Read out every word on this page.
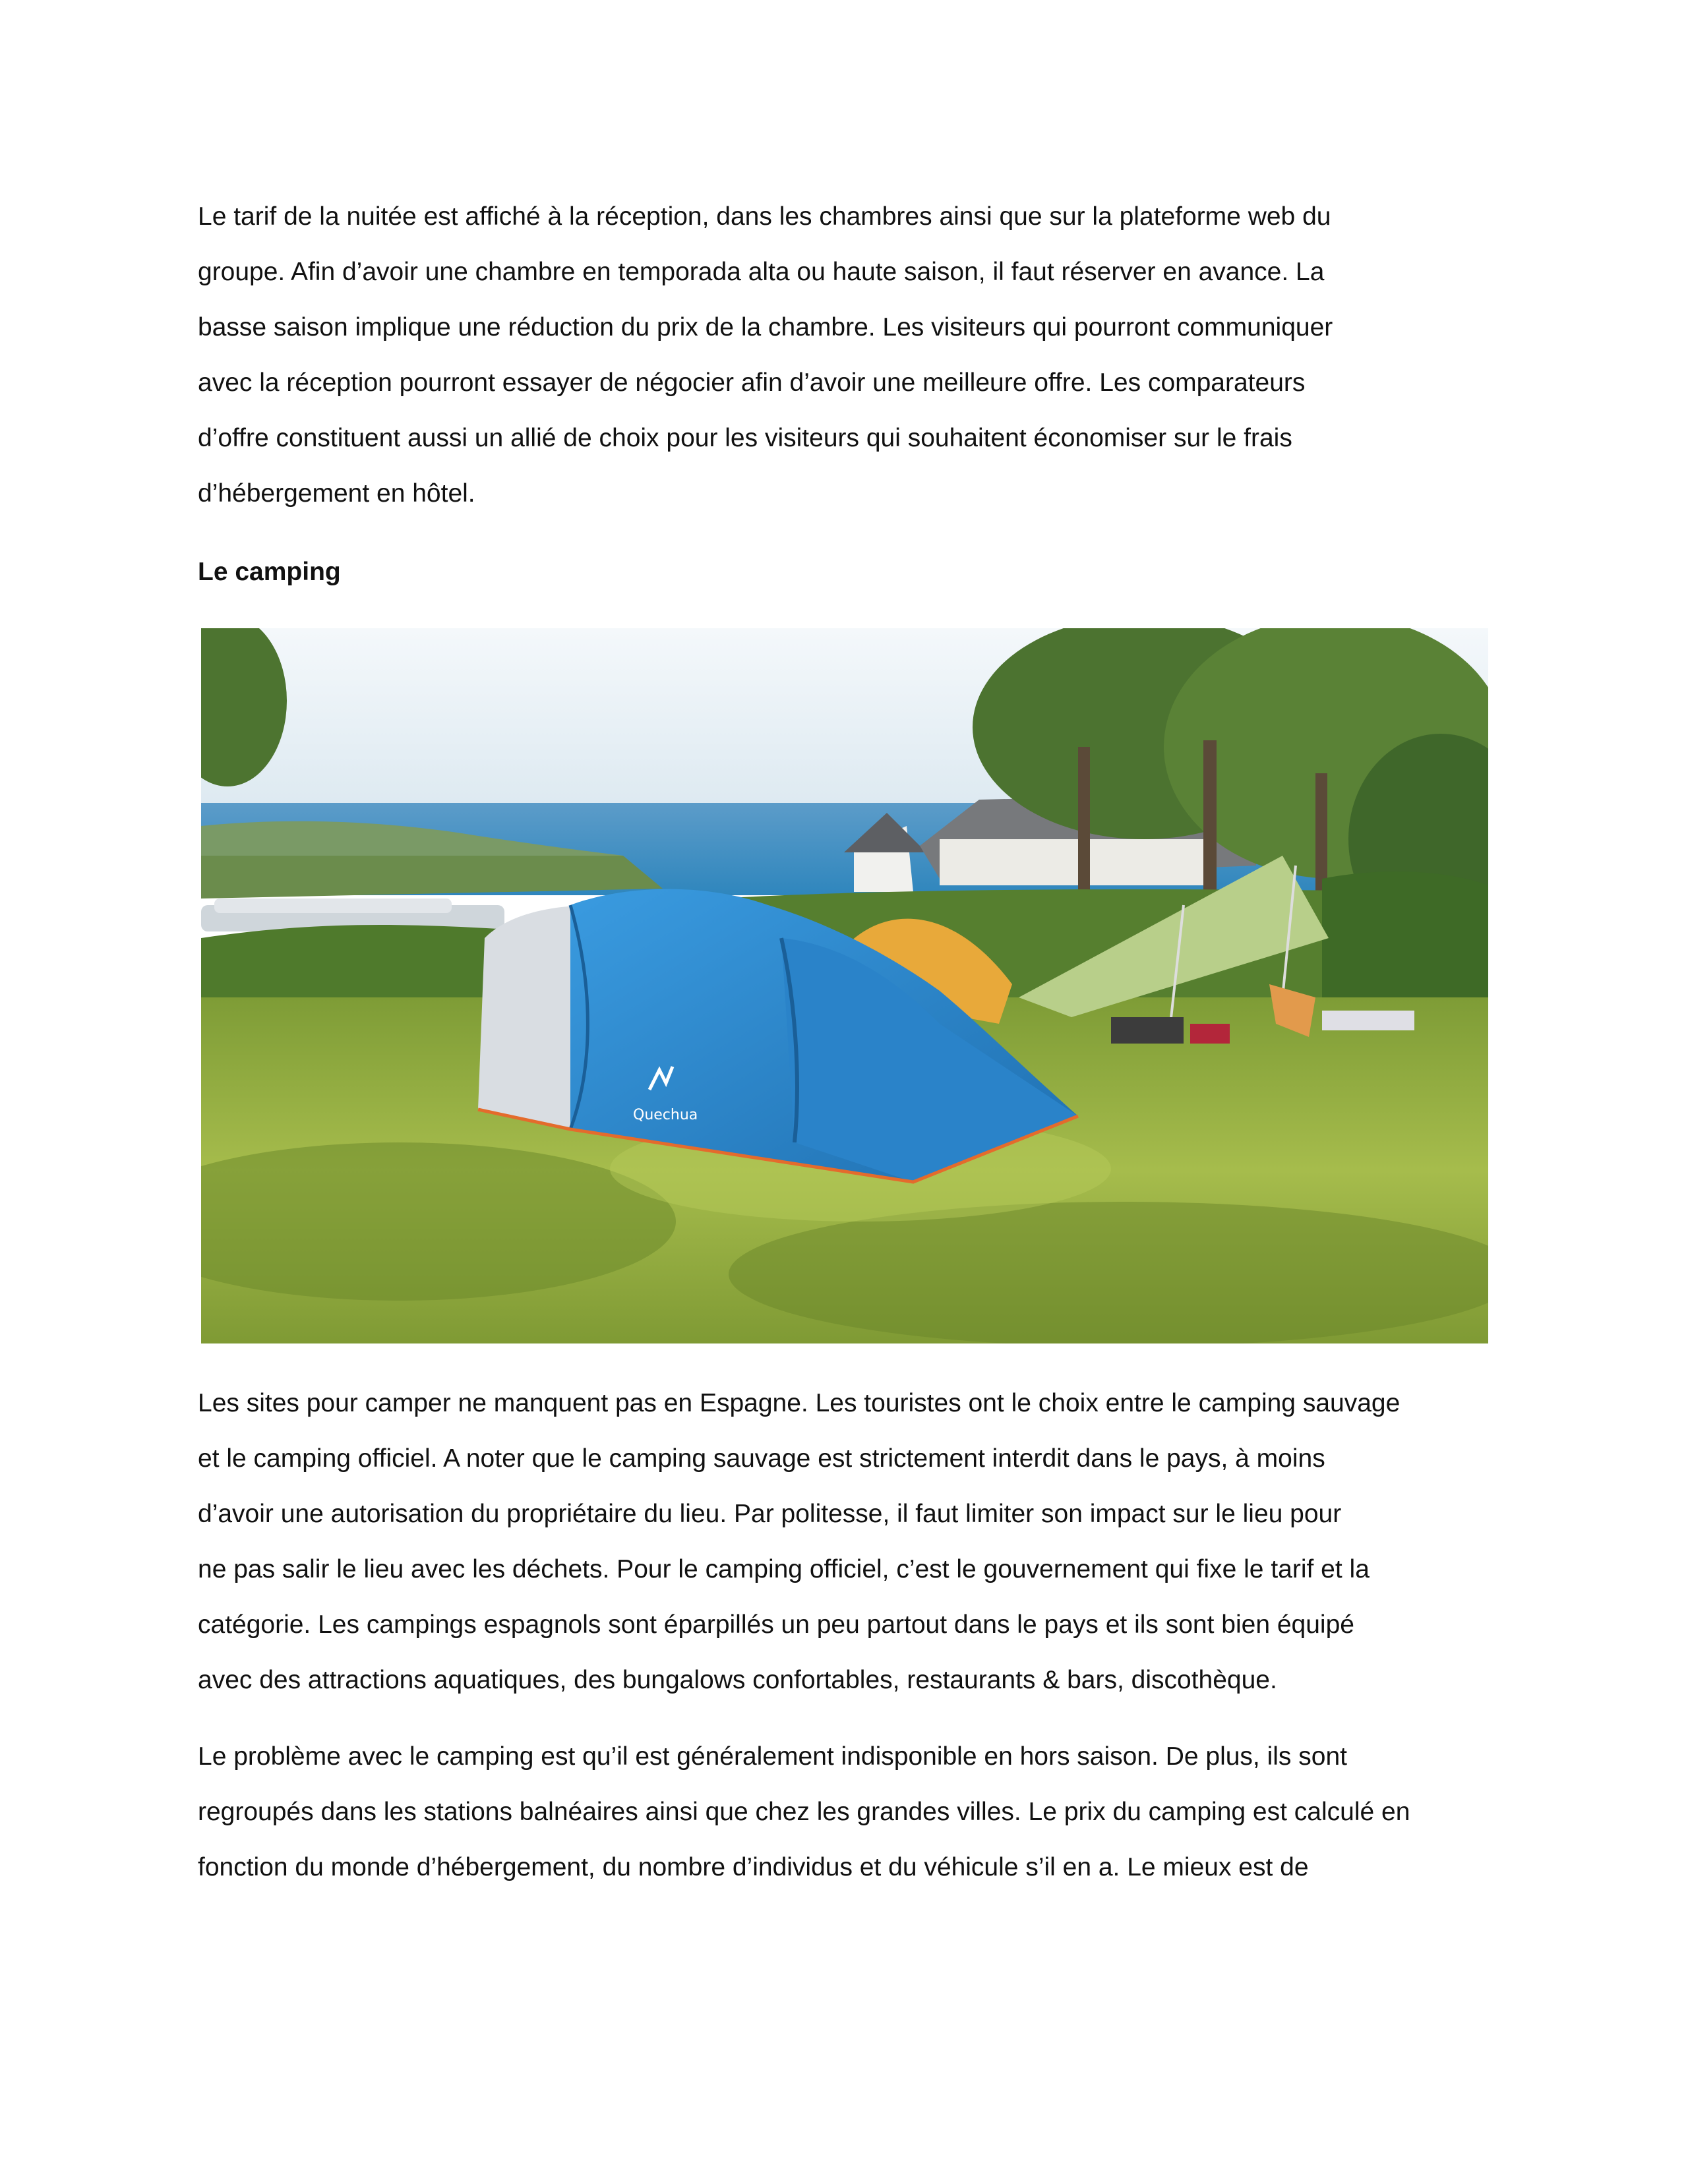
Le tarif de la nuitée est affiché à la réception, dans les chambres ainsi que sur la plateforme web du
groupe. Afin d’avoir une chambre en temporada alta ou haute saison, il faut réserver en avance. La
basse saison implique une réduction du prix de la chambre. Les visiteurs qui pourront communiquer
avec la réception pourront essayer de négocier afin d’avoir une meilleure offre. Les comparateurs
d’offre constituent aussi un allié de choix pour les visiteurs qui souhaitent économiser sur le frais
d’hébergement en hôtel.

Le camping
Quechua

Les sites pour camper ne manquent pas en Espagne. Les touristes ont le choix entre le camping sauvage
et le camping officiel. A noter que le camping sauvage est strictement interdit dans le pays, à moins
d’avoir une autorisation du propriétaire du lieu. Par politesse, il faut limiter son impact sur le lieu pour
ne pas salir le lieu avec les déchets. Pour le camping officiel, c’est le gouvernement qui fixe le tarif et la
catégorie. Les campings espagnols sont éparpillés un peu partout dans le pays et ils sont bien équipé
avec des attractions aquatiques, des bungalows confortables, restaurants & bars, discothèque.

Le problème avec le camping est qu’il est généralement indisponible en hors saison. De plus, ils sont
regroupés dans les stations balnéaires ainsi que chez les grandes villes. Le prix du camping est calculé en
fonction du monde d’hébergement, du nombre d’individus et du véhicule s’il en a. Le mieux est de
